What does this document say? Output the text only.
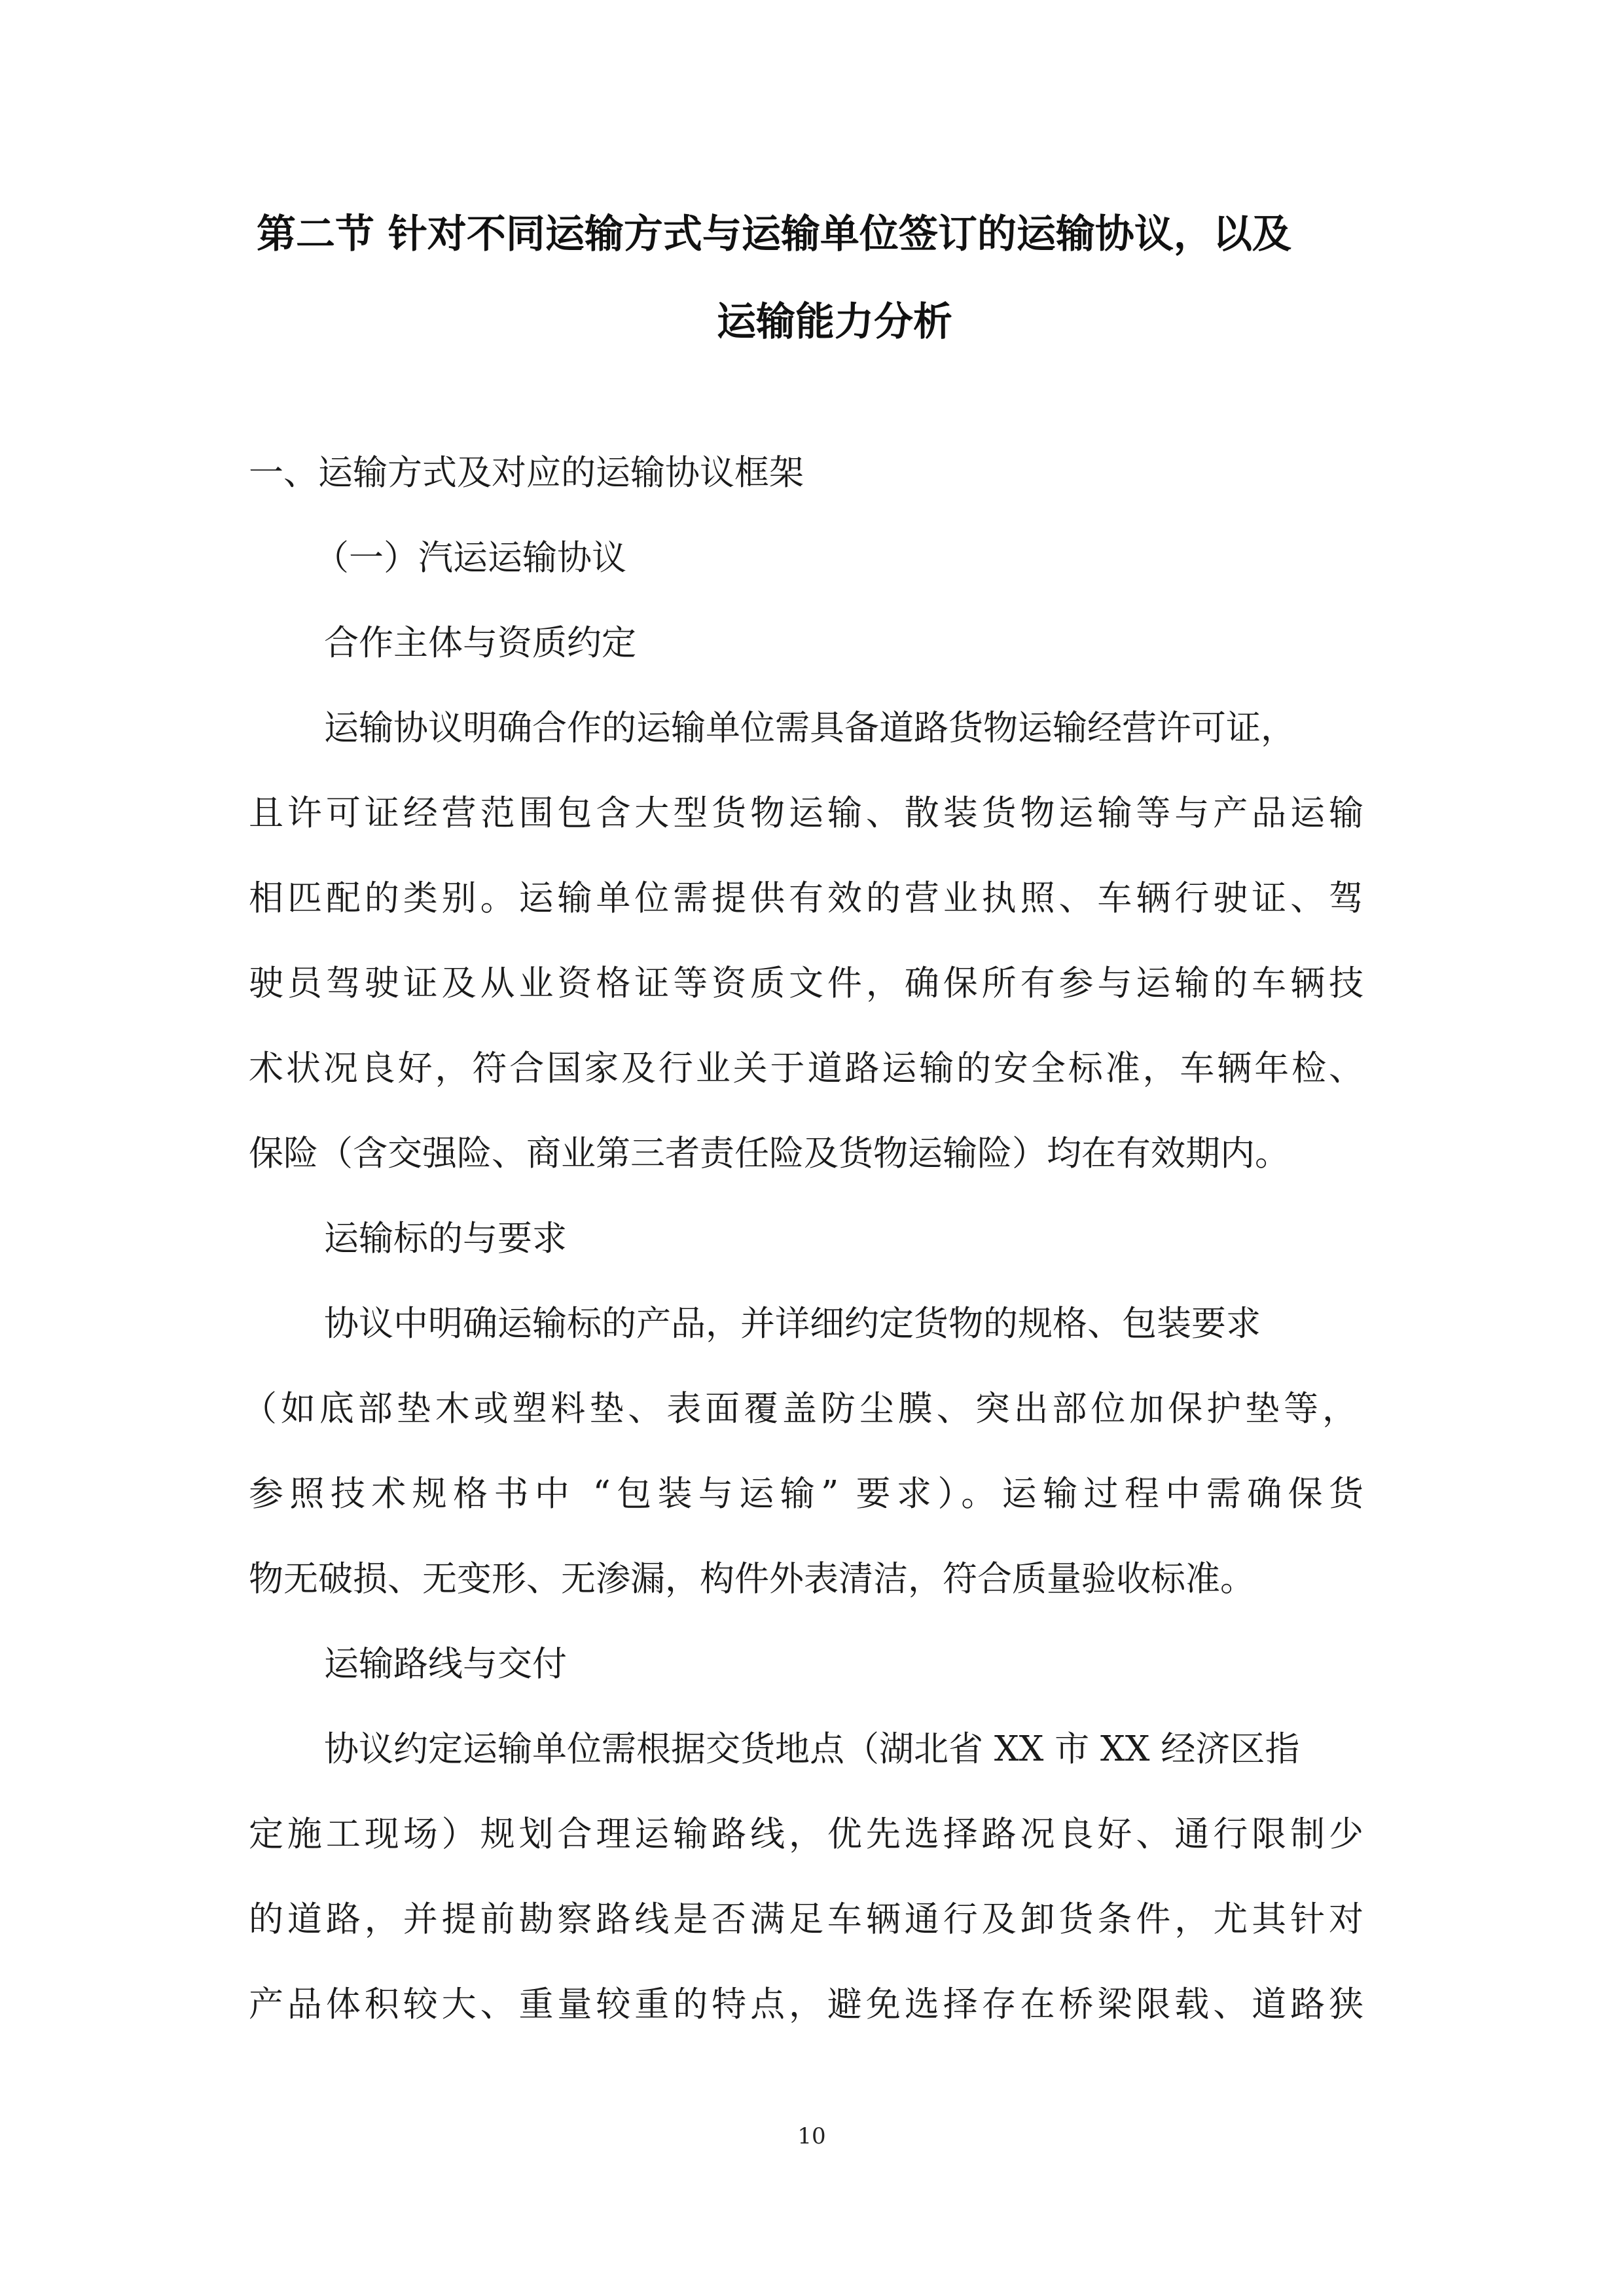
第二节 针对不同运输方式与运输单位签订的运输协议，以及
运输能力分析

一、运输方式及对应的运输协议框架

（一）汽运运输协议

合作主体与资质约定

运输协议明确合作的运输单位需具备道路货物运输经营许可证，

且许可证经营范围包含大型货物运输、散装货物运输等与产品运输

相匹配的类别。运输单位需提供有效的营业执照、车辆行驶证、驾

驶员驾驶证及从业资格证等资质文件，确保所有参与运输的车辆技

术状况良好，符合国家及行业关于道路运输的安全标准，车辆年检、

保险（含交强险、商业第三者责任险及货物运输险）均在有效期内。

运输标的与要求

协议中明确运输标的产品，并详细约定货物的规格、包装要求

（如底部垫木或塑料垫、表面覆盖防尘膜、突出部位加保护垫等，

参照技术规格书中 “包装与运输” 要求）。运输过程中需确保货

物无破损、无变形、无渗漏，构件外表清洁，符合质量验收标准。

运输路线与交付

协议约定运输单位需根据交货地点（湖北省 XX 市 XX 经济区指

定施工现场）规划合理运输路线，优先选择路况良好、通行限制少

的道路，并提前勘察路线是否满足车辆通行及卸货条件，尤其针对

产品体积较大、重量较重的特点，避免选择存在桥梁限载、道路狭

10
